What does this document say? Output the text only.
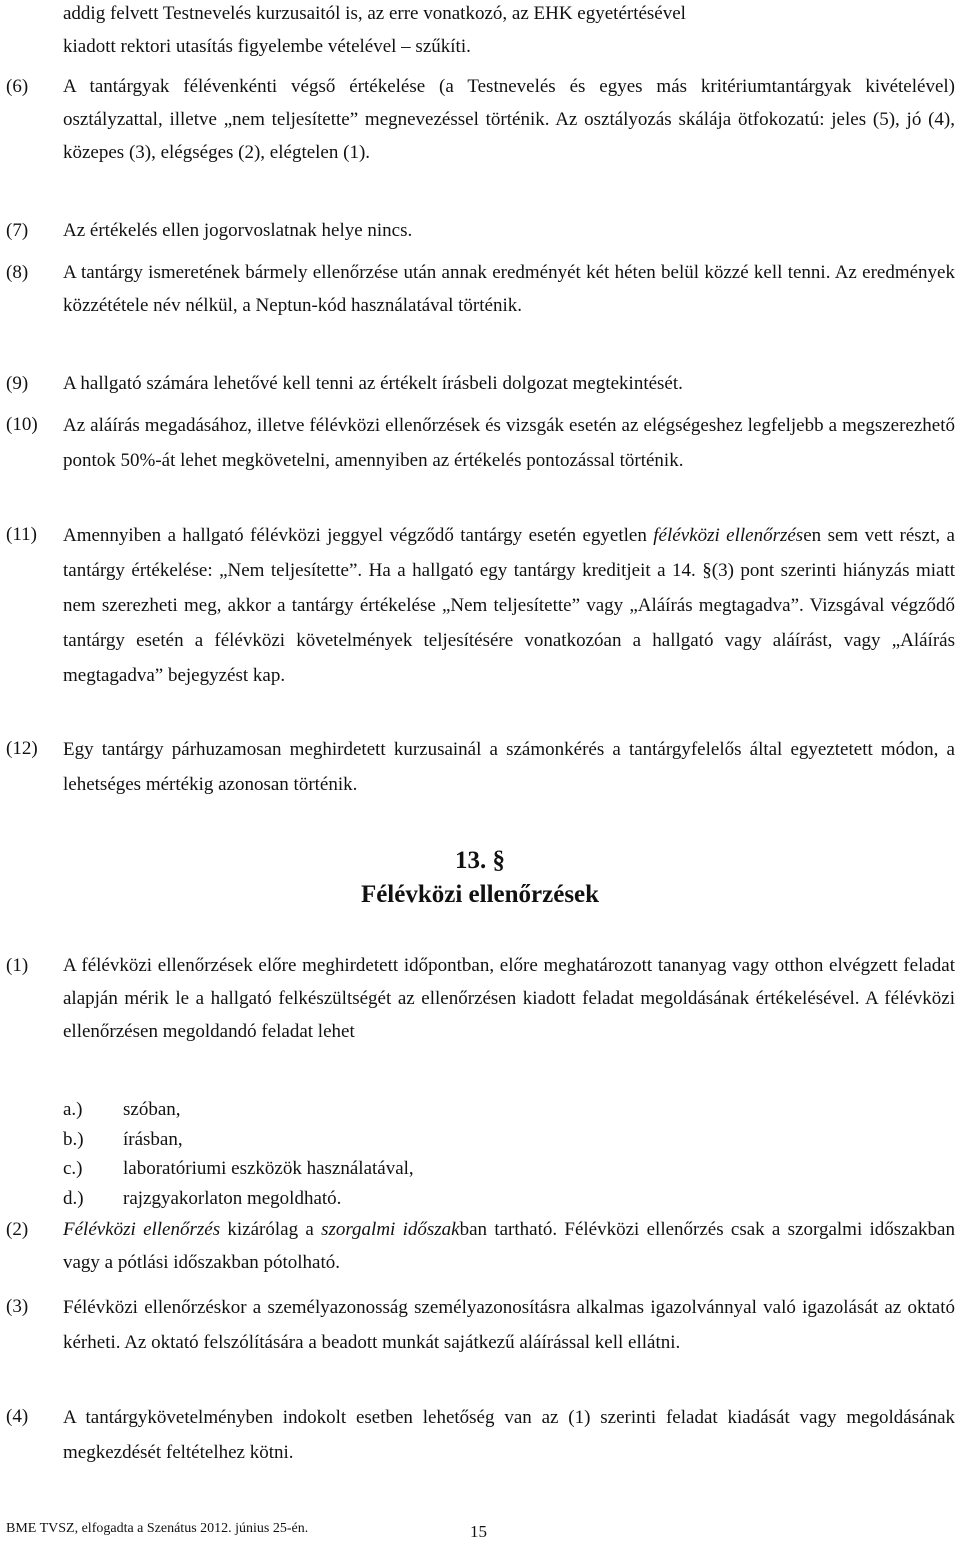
addig felvett Testnevelés kurzusaitól is, az erre vonatkozó, az EHK egyetértésével
kiadott rektori utasítás figyelembe vételével – szűkíti.
(6)	A tantárgyak félévenkénti végső értékelése (a Testnevelés és egyes más kritériumtantárgyak kivételével) osztályzattal, illetve „nem teljesítette” megnevezéssel történik. Az osztályozás skálája ötfokozatú: jeles (5), jó (4), közepes (3), elégséges (2), elégtelen (1).
(7)	Az értékelés ellen jogorvoslatnak helye nincs.
(8)	A tantárgy ismeretének bármely ellenőrzése után annak eredményét két héten belül közzé kell tenni. Az eredmények közzététele név nélkül, a Neptun-kód használatával történik.
(9)	A hallgató számára lehetővé kell tenni az értékelt írásbeli dolgozat megtekintését.
(10)	Az aláírás megadásához, illetve félévközi ellenőrzések és vizsgák esetén az elégségeshez legfeljebb a megszerezhető pontok 50%-át lehet megkövetelni, amennyiben az értékelés pontozással történik.
(11)	Amennyiben a hallgató félévközi jeggyel végződő tantárgy esetén egyetlen félévközi ellenőrzésen sem vett részt, a tantárgy értékelése: „Nem teljesítette”. Ha a hallgató egy tantárgy kreditjeit a 14. §(3) pont szerinti hiányzás miatt nem szerezheti meg, akkor a tantárgy értékelése „Nem teljesítette” vagy „Aláírás megtagadva”. Vizsgával végződő tantárgy esetén a félévközi követelmények teljesítésére vonatkozóan a hallgató vagy aláírást, vagy „Aláírás megtagadva” bejegyzést kap.
(12)	Egy tantárgy párhuzamosan meghirdetett kurzusainál a számonkérés a tantárgyfelelős által egyeztetett módon, a lehetséges mértékig azonosan történik.
13. §
Félévközi ellenőrzések
(1)	A félévközi ellenőrzések előre meghirdetett időpontban, előre meghatározott tananyag vagy otthon elvégzett feladat alapján mérik le a hallgató felkészültségét az ellenőrzésen kiadott feladat megoldásának értékelésével. A félévközi ellenőrzésen megoldandó feladat lehet
a.)	szóban,
b.)	írásban,
c.)	laboratóriumi eszközök használatával,
d.)	rajzgyakorlaton megoldható.
(2)	Félévközi ellenőrzés kizárólag a szorgalmi időszakban tartható. Félévközi ellenőrzés csak a szorgalmi időszakban vagy a pótlási időszakban pótolható.
(3)	Félévközi ellenőrzéskor a személyazonosság személyazonosításra alkalmas igazolvánnyal való igazolását az oktató kérheti. Az oktató felszólítására a beadott munkát sajátkezű aláírással kell ellátni.
(4)	A tantárgykövetelményben indokolt esetben lehetőség van az (1) szerinti feladat kiadását vagy megoldásának megkezdését feltételhez kötni.
BME TVSZ, elfogadta a Szenátus 2012. június 25-én.	15
